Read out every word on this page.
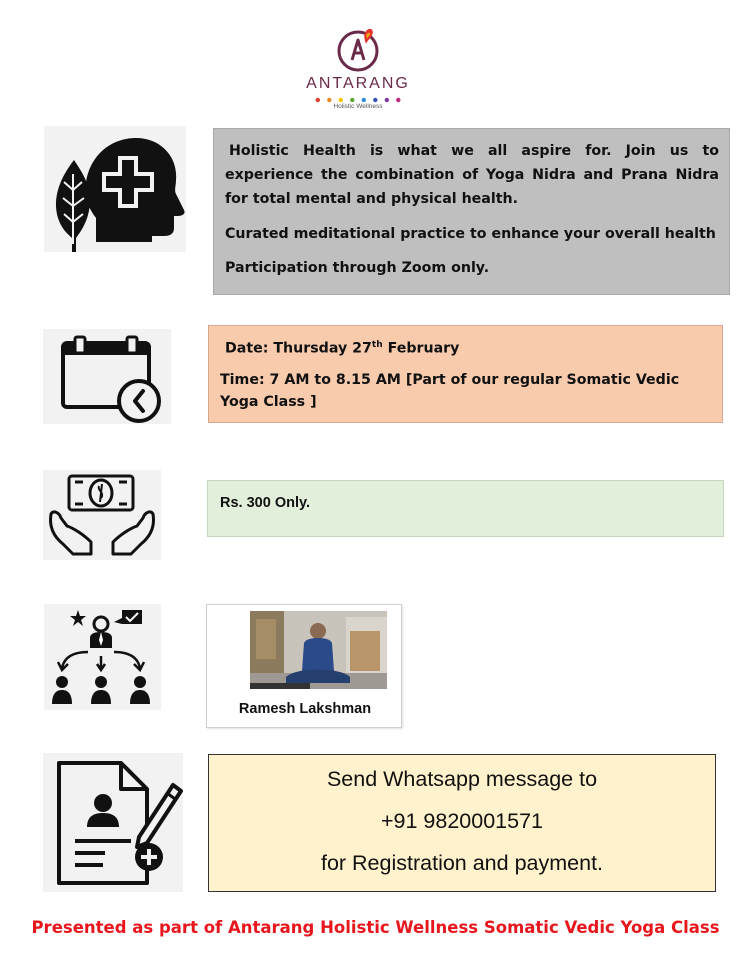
ANTARANG
Holistic Wellness

Holistic Health is what we all aspire for. Join us to experience the combination of Yoga Nidra and Prana Nidra for total mental and physical health.

Curated meditational practice to enhance your overall health

Participation through Zoom only.

Date: Thursday 27th February

Time: 7 AM to 8.15 AM [Part of our regular Somatic Vedic Yoga Class ]

Rs. 300 Only.
Ramesh Lakshman
Send Whatsapp message to
+91 9820001571
for Registration and payment.
Presented as part of Antarang Holistic Wellness Somatic Vedic Yoga Class
